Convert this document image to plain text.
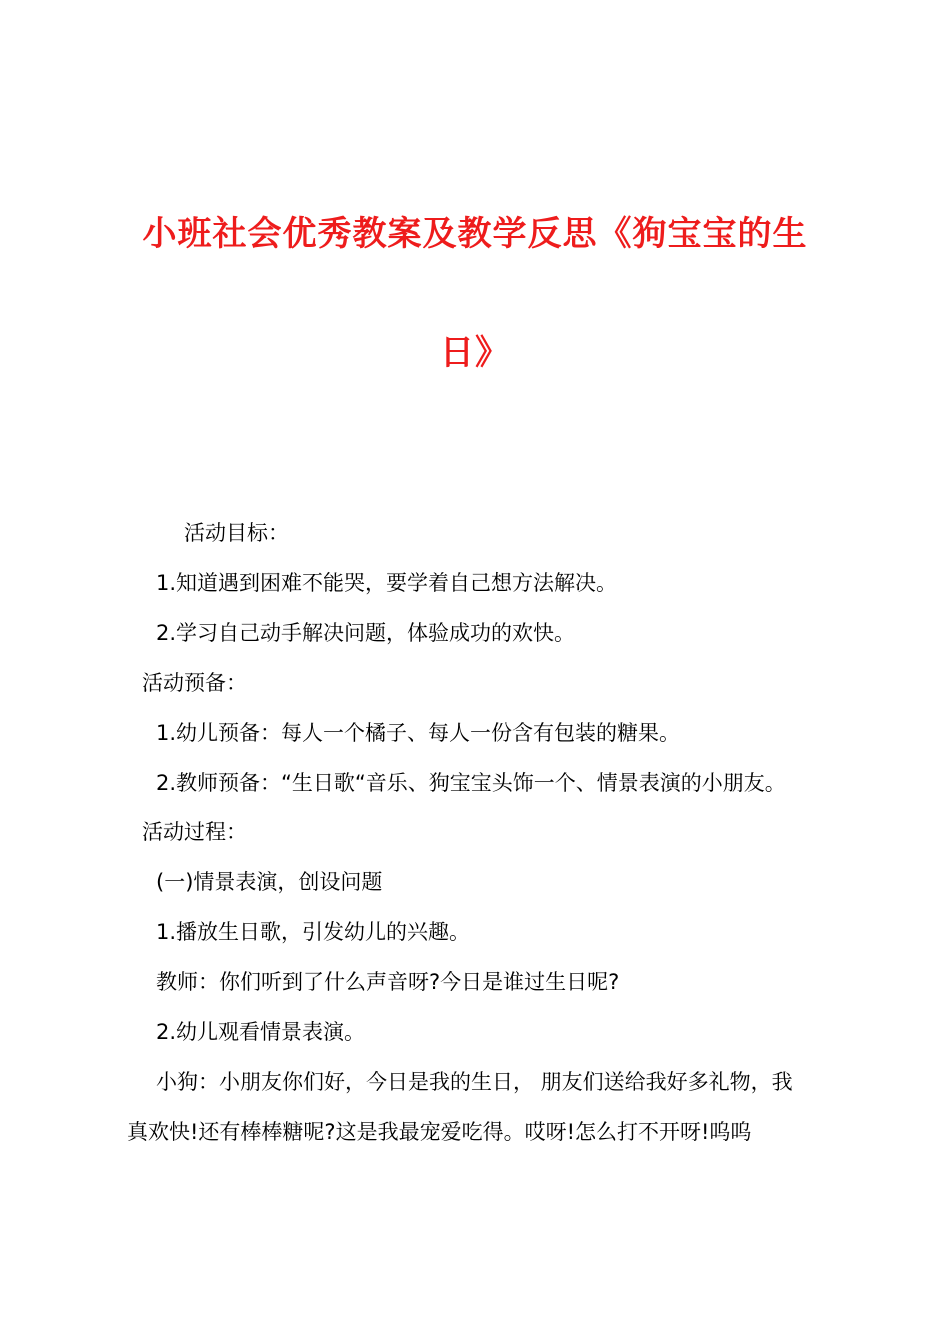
小班社会优秀教案及教学反思《狗宝宝的生
日》
活动目标：
1.知道遇到困难不能哭，要学着自己想方法解决。
2.学习自己动手解决问题，体验成功的欢快。
活动预备：
1.幼儿预备：每人一个橘子、每人一份含有包装的糖果。
2.教师预备：“生日歌“音乐、狗宝宝头饰一个、情景表演的小朋友。
活动过程：
(一)情景表演，创设问题
1.播放生日歌，引发幼儿的兴趣。
教师：你们听到了什么声音呀?今日是谁过生日呢?
2.幼儿观看情景表演。
小狗：小朋友你们好，今日是我的生日， 朋友们送给我好多礼物，我
真欢快!还有棒棒糖呢?这是我最宠爱吃得。哎呀!怎么打不开呀!呜呜
